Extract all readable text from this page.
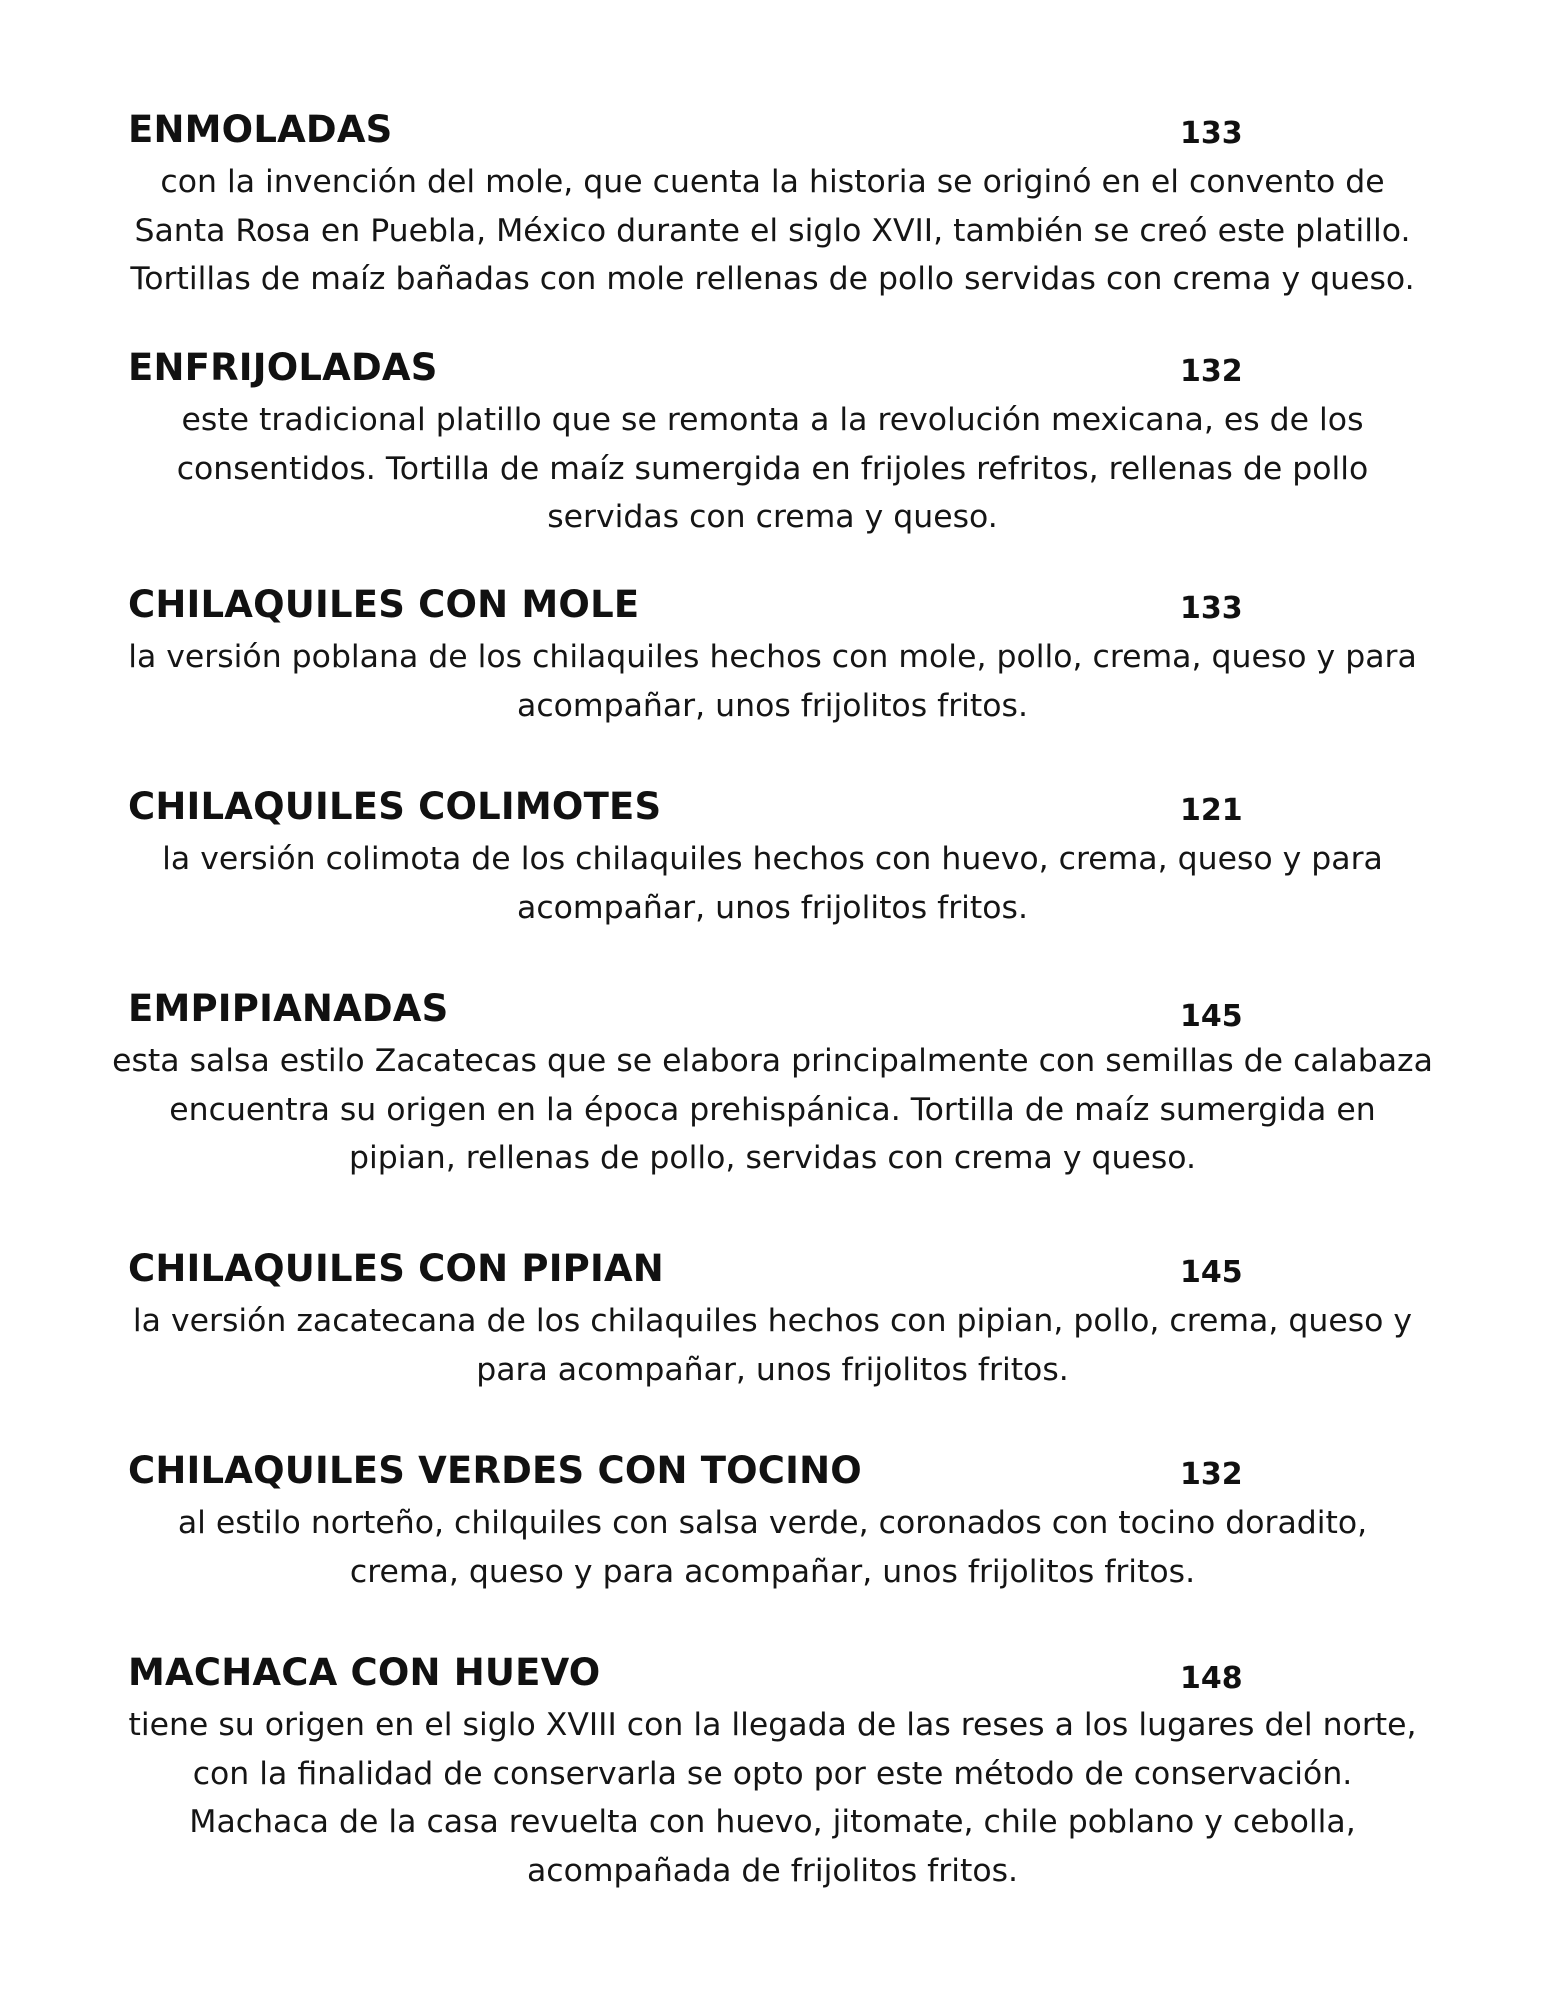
ENMOLADAS	133

con la invención del mole, que cuenta la historia se originó en el convento de
Santa Rosa en Puebla, México durante el siglo XVII, también se creó este platillo.
Tortillas de maíz bañadas con mole rellenas de pollo servidas con crema y queso.

ENFRIJOLADAS	132

este tradicional platillo que se remonta a la revolución mexicana, es de los
consentidos. Tortilla de maíz sumergida en frijoles refritos, rellenas de pollo
servidas con crema y queso.

CHILAQUILES CON MOLE	133

la versión poblana de los chilaquiles hechos con mole, pollo, crema, queso y para
acompañar, unos frijolitos fritos.

CHILAQUILES COLIMOTES	121

la versión colimota de los chilaquiles hechos con huevo, crema, queso y para
acompañar, unos frijolitos fritos.

EMPIPIANADAS	145

esta salsa estilo Zacatecas que se elabora principalmente con semillas de calabaza
encuentra su origen en la época prehispánica. Tortilla de maíz sumergida en
pipian, rellenas de pollo, servidas con crema y queso.

CHILAQUILES CON PIPIAN	145

la versión zacatecana de los chilaquiles hechos con pipian, pollo, crema, queso y
para acompañar, unos frijolitos fritos.

CHILAQUILES VERDES CON TOCINO	132

al estilo norteño, chilquiles con salsa verde, coronados con tocino doradito,
crema, queso y para acompañar, unos frijolitos fritos.

MACHACA CON HUEVO	148

tiene su origen en el siglo XVIII con la llegada de las reses a los lugares del norte,
con la finalidad de conservarla se opto por este método de conservación.
Machaca de la casa revuelta con huevo, jitomate, chile poblano y cebolla,
acompañada de frijolitos fritos.
